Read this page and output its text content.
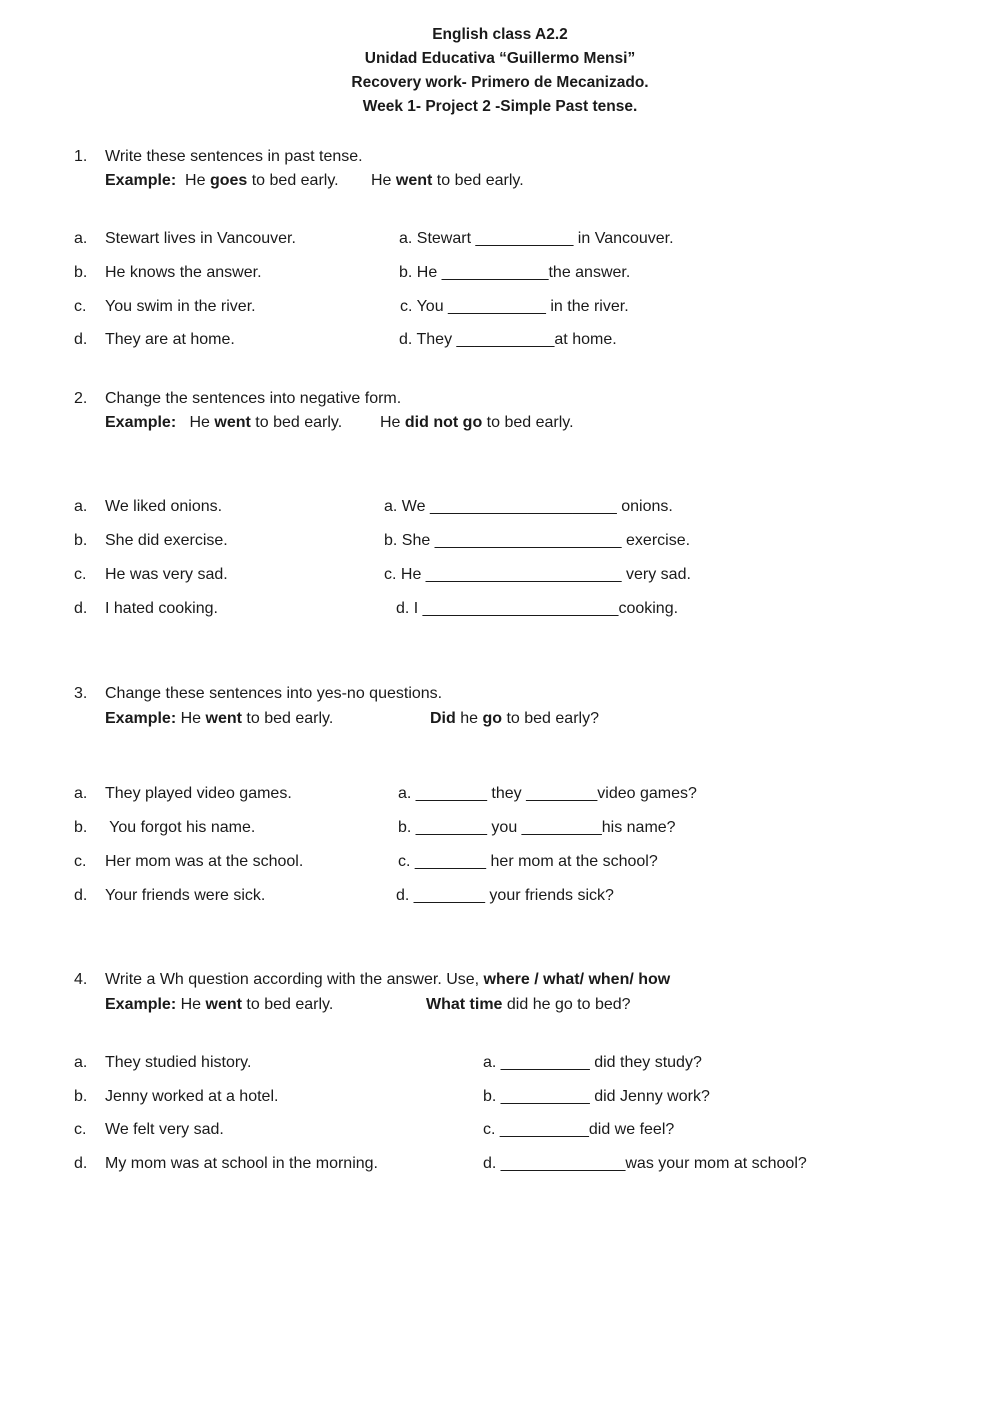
English class A2.2
Unidad Educativa “Guillermo Mensi”
Recovery work- Primero de Mecanizado.
Week 1- Project 2 -Simple Past tense.
1. Write these sentences in past tense.
Example: He goes to bed early. He went to bed early.
a. Stewart lives in Vancouver.	a. Stewart ___________ in Vancouver.
b. He knows the answer.	b. He ____________the answer.
c. You swim in the river.	c. You ___________ in the river.
d. They are at home.	d. They ___________at home.
2. Change the sentences into negative form.
Example: He went to bed early. He did not go to bed early.
a. We liked onions.	a. We _____________________ onions.
b. She did exercise.	b. She _____________________ exercise.
c. He was very sad.	c. He ______________________ very sad.
d. I hated cooking.	d. I ______________________cooking.
3. Change these sentences into yes-no questions.
Example: He went to bed early.	Did he go to bed early?
a. They played video games.	a. ________ they ________video games?
b. You forgot his name.	b. ________ you _________his name?
c. Her mom was at the school.	c. ________ her mom at the school?
d. Your friends were sick.	d. ________ your friends sick?
4. Write a Wh question according with the answer. Use, where / what/ when/ how
Example: He went to bed early.	What time did he go to bed?
a. They studied history.	a. __________ did they study?
b. Jenny worked at a hotel.	b. __________ did Jenny work?
c. We felt very sad.	c. __________did we feel?
d. My mom was at school in the morning.	d. ______________was your mom at school?
